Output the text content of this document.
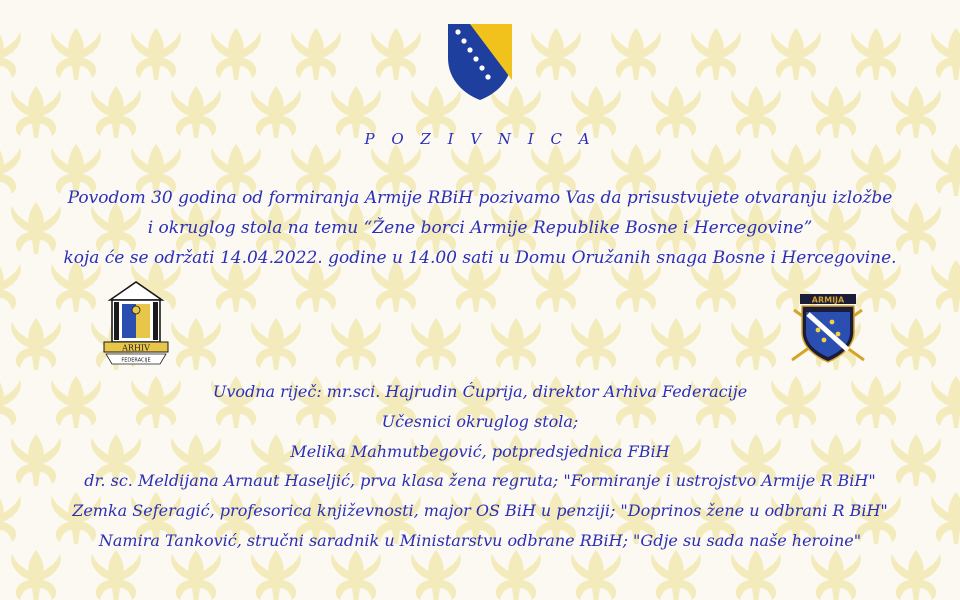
ARHIV
FEDERACIJE
ARMIJA
P O Z I V N I C A

Povodom 30 godina od formiranja Armije RBiH pozivamo Vas da prisustvujete otvaranju izložbe
i okruglog stola na temu “Žene borci Armije Republike Bosne i Hercegovine”
koja će se održati 14.04.2022. godine u 14.00 sati u Domu Oružanih snaga Bosne i Hercegovine.

Uvodna riječ: mr.sci. Hajrudin Ćuprija, direktor Arhiva Federacije
Učesnici okruglog stola;
Melika Mahmutbegović, potpredsjednica FBiH
dr. sc. Meldijana Arnaut Haseljić, prva klasa žena regruta; "Formiranje i ustrojstvo Armije R BiH"
Zemka Seferagić, profesorica književnosti, major OS BiH u penziji; "Doprinos žene u odbrani R BiH"
Namira Tanković, stručni saradnik u Ministarstvu odbrane RBiH; "Gdje su sada naše heroine"
